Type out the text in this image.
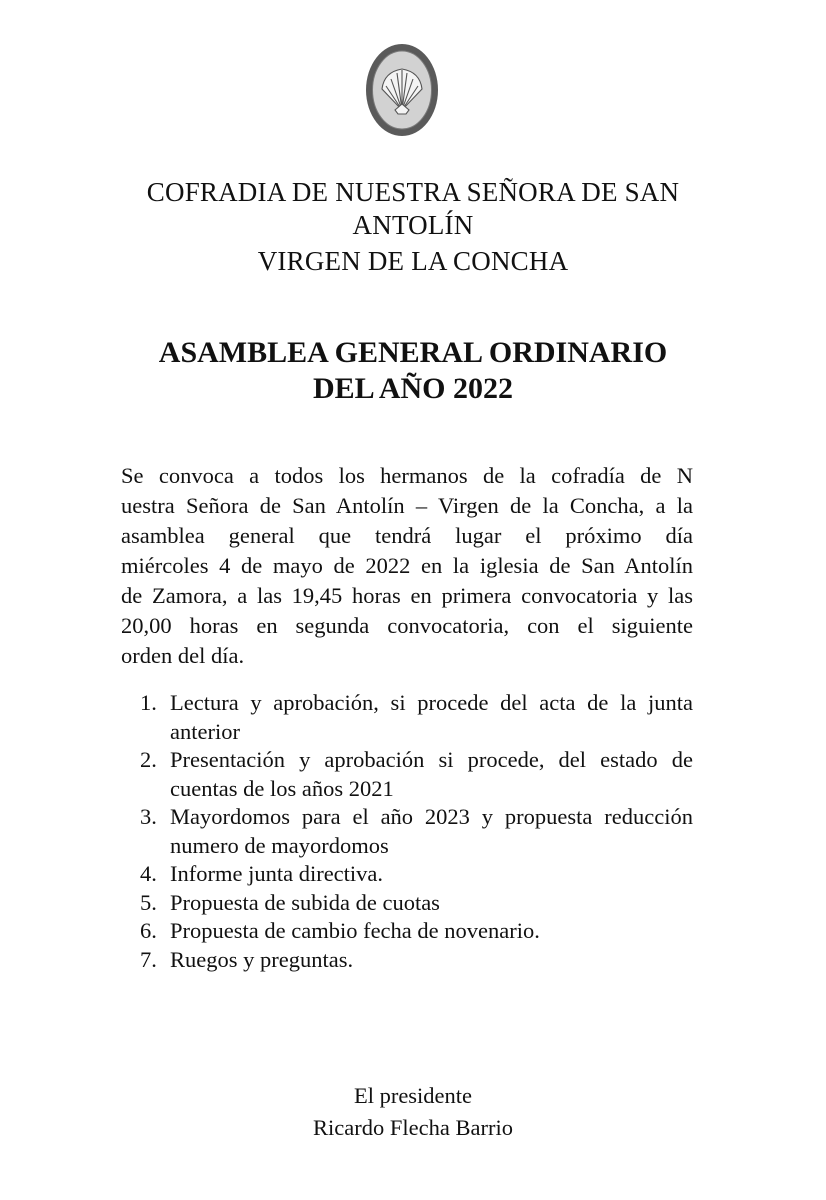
COFRADIA DE NUESTRA SEÑORA DE SAN
ANTOLÍN
VIRGEN DE LA CONCHA
ASAMBLEA GENERAL ORDINARIO
DEL AÑO 2022
Se convoca a todos los hermanos de la cofradía de N
uestra Señora de San Antolín – Virgen de la Concha, a la
asamblea general que tendrá lugar el próximo día
miércoles 4 de mayo de 2022 en la iglesia de San Antolín
de Zamora, a las 19,45 horas en primera convocatoria y las
20,00 horas en segunda convocatoria, con el siguiente
orden del día.
1. Lectura y aprobación, si procede del acta de la junta
anterior
2. Presentación y aprobación si procede, del estado de
cuentas de los años 2021
3. Mayordomos para el año 2023 y propuesta reducción
numero de mayordomos
4. Informe junta directiva.
5. Propuesta de subida de cuotas
6. Propuesta de cambio fecha de novenario.
7. Ruegos y preguntas.
El presidente
Ricardo Flecha Barrio
